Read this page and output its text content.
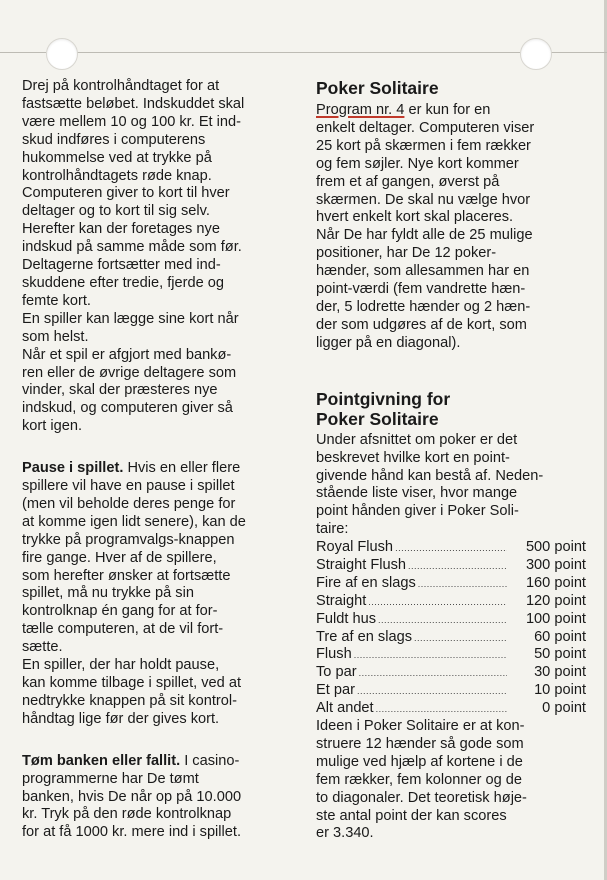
Drej på kontrolhåndtaget for at
fastsætte beløbet. Indskuddet skal
være mellem 10 og 100 kr. Et ind-
skud indføres i computerens
hukommelse ved at trykke på
kontrolhåndtagets røde knap.
Computeren giver to kort til hver
deltager og to kort til sig selv.
Herefter kan der foretages nye
indskud på samme måde som før.
Deltagerne fortsætter med ind-
skuddene efter tredie, fjerde og
femte kort.
En spiller kan lægge sine kort når
som helst.
Når et spil er afgjort med bankø-
ren eller de øvrige deltagere som
vinder, skal der præsteres nye
indskud, og computeren giver så
kort igen.
Pause i spillet. Hvis en eller flere
spillere vil have en pause i spillet
(men vil beholde deres penge for
at komme igen lidt senere), kan de
trykke på programvalgs-knappen
fire gange. Hver af de spillere,
som herefter ønsker at fortsætte
spillet, må nu trykke på sin
kontrolknap én gang for at for-
tælle computeren, at de vil fort-
sætte.
En spiller, der har holdt pause,
kan komme tilbage i spillet, ved at
nedtrykke knappen på sit kontrol-
håndtag lige før der gives kort.
Tøm banken eller fallit. I casino-
programmerne har De tømt
banken, hvis De når op på 10.000
kr. Tryk på den røde kontrolknap
for at få 1000 kr. mere ind i spillet.
Poker Solitaire
Program nr. 4 er kun for en
enkelt deltager. Computeren viser
25 kort på skærmen i fem rækker
og fem søjler. Nye kort kommer
frem et af gangen, øverst på
skærmen. De skal nu vælge hvor
hvert enkelt kort skal placeres.
Når De har fyldt alle de 25 mulige
positioner, har De 12 poker-
hænder, som allesammen har en
point-værdi (fem vandrette hæn-
der, 5 lodrette hænder og 2 hæn-
der som udgøres af de kort, som
ligger på en diagonal).
Pointgivning for
Poker Solitaire
Under afsnittet om poker er det
beskrevet hvilke kort en point-
givende hånd kan bestå af. Neden-
stående liste viser, hvor mange
point hånden giver i Poker Soli-
taire:
Royal Flush .....	500 point
Straight Flush .....	300 point
Fire af en slags .....	160 point
Straight .....	120 point
Fuldt hus .....	100 point
Tre af en slags .....	60 point
Flush .....	50 point
To par .....	30 point
Et par .....	10 point
Alt andet .....	0 point
Ideen i Poker Solitaire er at kon-
struere 12 hænder så gode som
mulige ved hjælp af kortene i de
fem rækker, fem kolonner og de
to diagonaler. Det teoretisk høje-
ste antal point der kan scores
er 3.340.
